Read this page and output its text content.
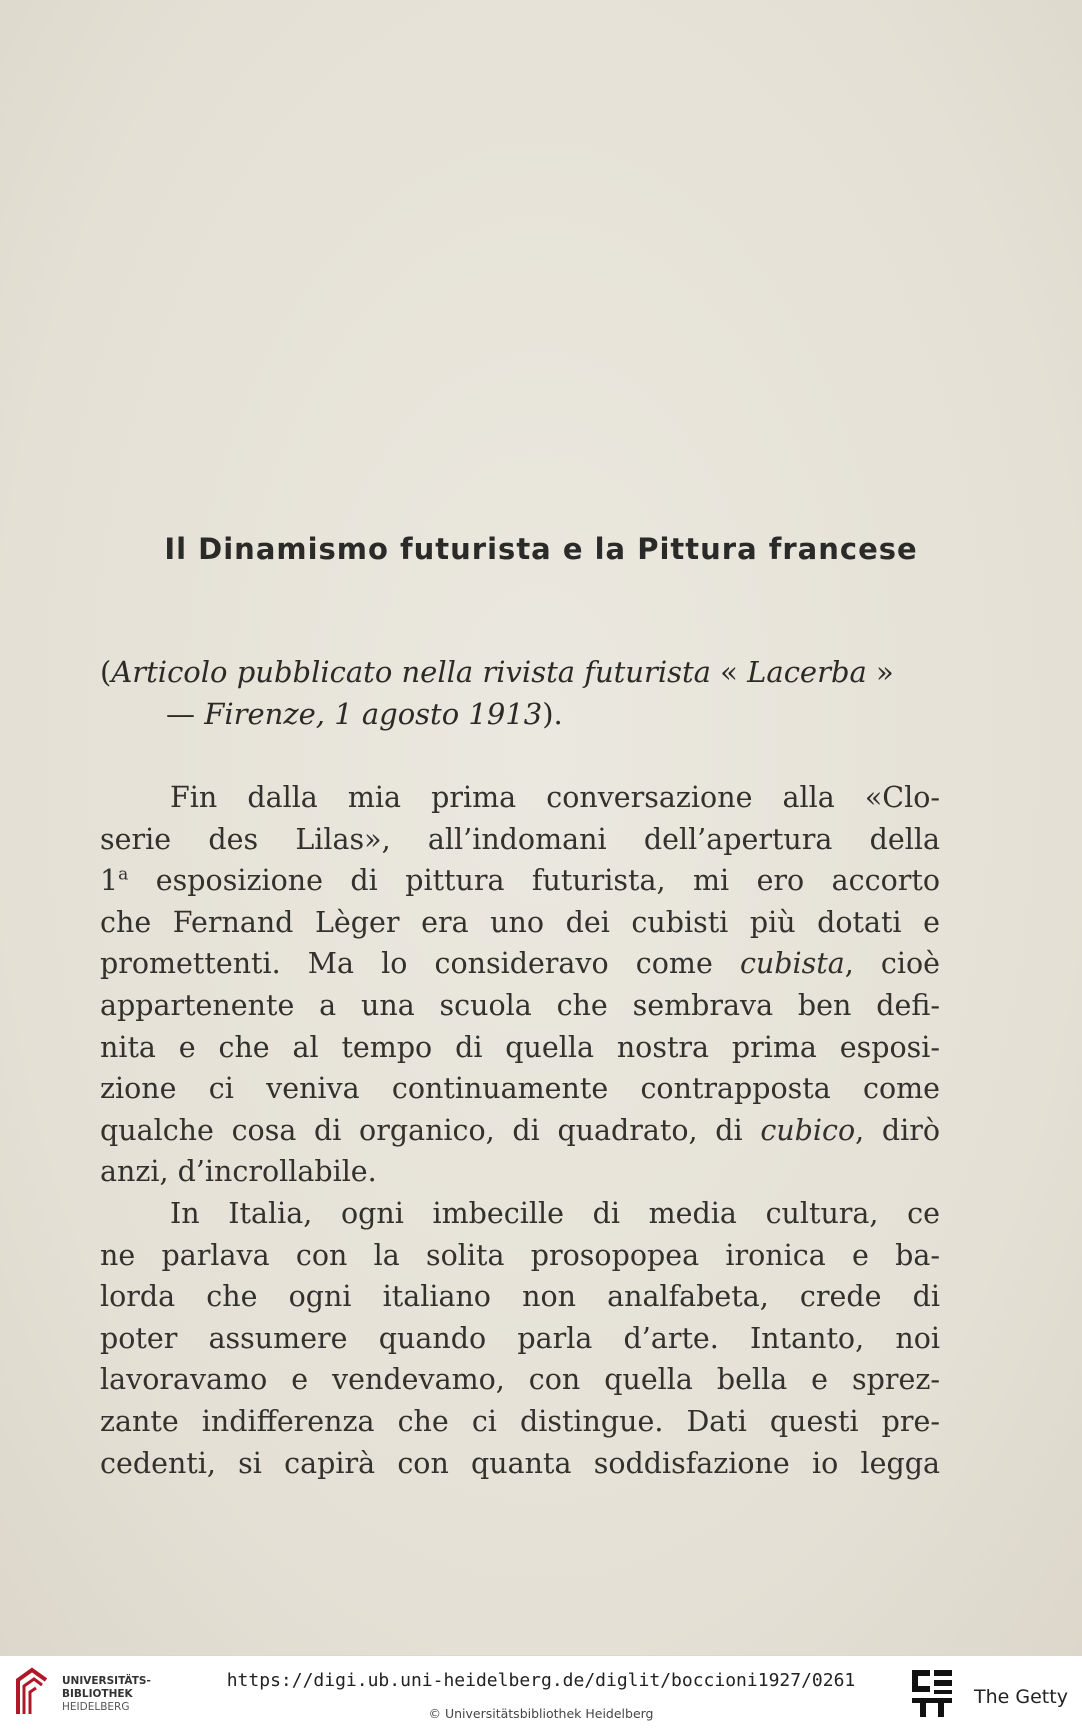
Il Dinamismo futurista e la Pittura francese
(Articolo pubblicato nella rivista futurista « Lacerba »
— Firenze, 1 agosto 1913).
Fin dalla mia prima conversazione alla «Clo-
serie des Lilas», all’indomani dell’apertura della
1$^a$ esposizione di pittura futurista, mi ero accorto
che Fernand Lèger era uno dei cubisti più dotati e
promettenti. Ma lo consideravo come cubista, cioè
appartenente a una scuola che sembrava ben defi-
nita e che al tempo di quella nostra prima esposi-
zione ci veniva continuamente contrapposta come
qualche cosa di organico, di quadrato, di cubico, dirò
anzi, d’incrollabile.
In Italia, ogni imbecille di media cultura, ce
ne parlava con la solita prosopopea ironica e ba-
lorda che ogni italiano non analfabeta, crede di
poter assumere quando parla d’arte. Intanto, noi
lavoravamo e vendevamo, con quella bella e sprez-
zante indifferenza che ci distingue. Dati questi pre-
cedenti, si capirà con quanta soddisfazione io legga
UNIVERSITÄTS-
BIBLIOTHEK
HEIDELBERG
https://digi.ub.uni-heidelberg.de/diglit/boccioni1927/0261
© Universitätsbibliothek Heidelberg
The Getty
